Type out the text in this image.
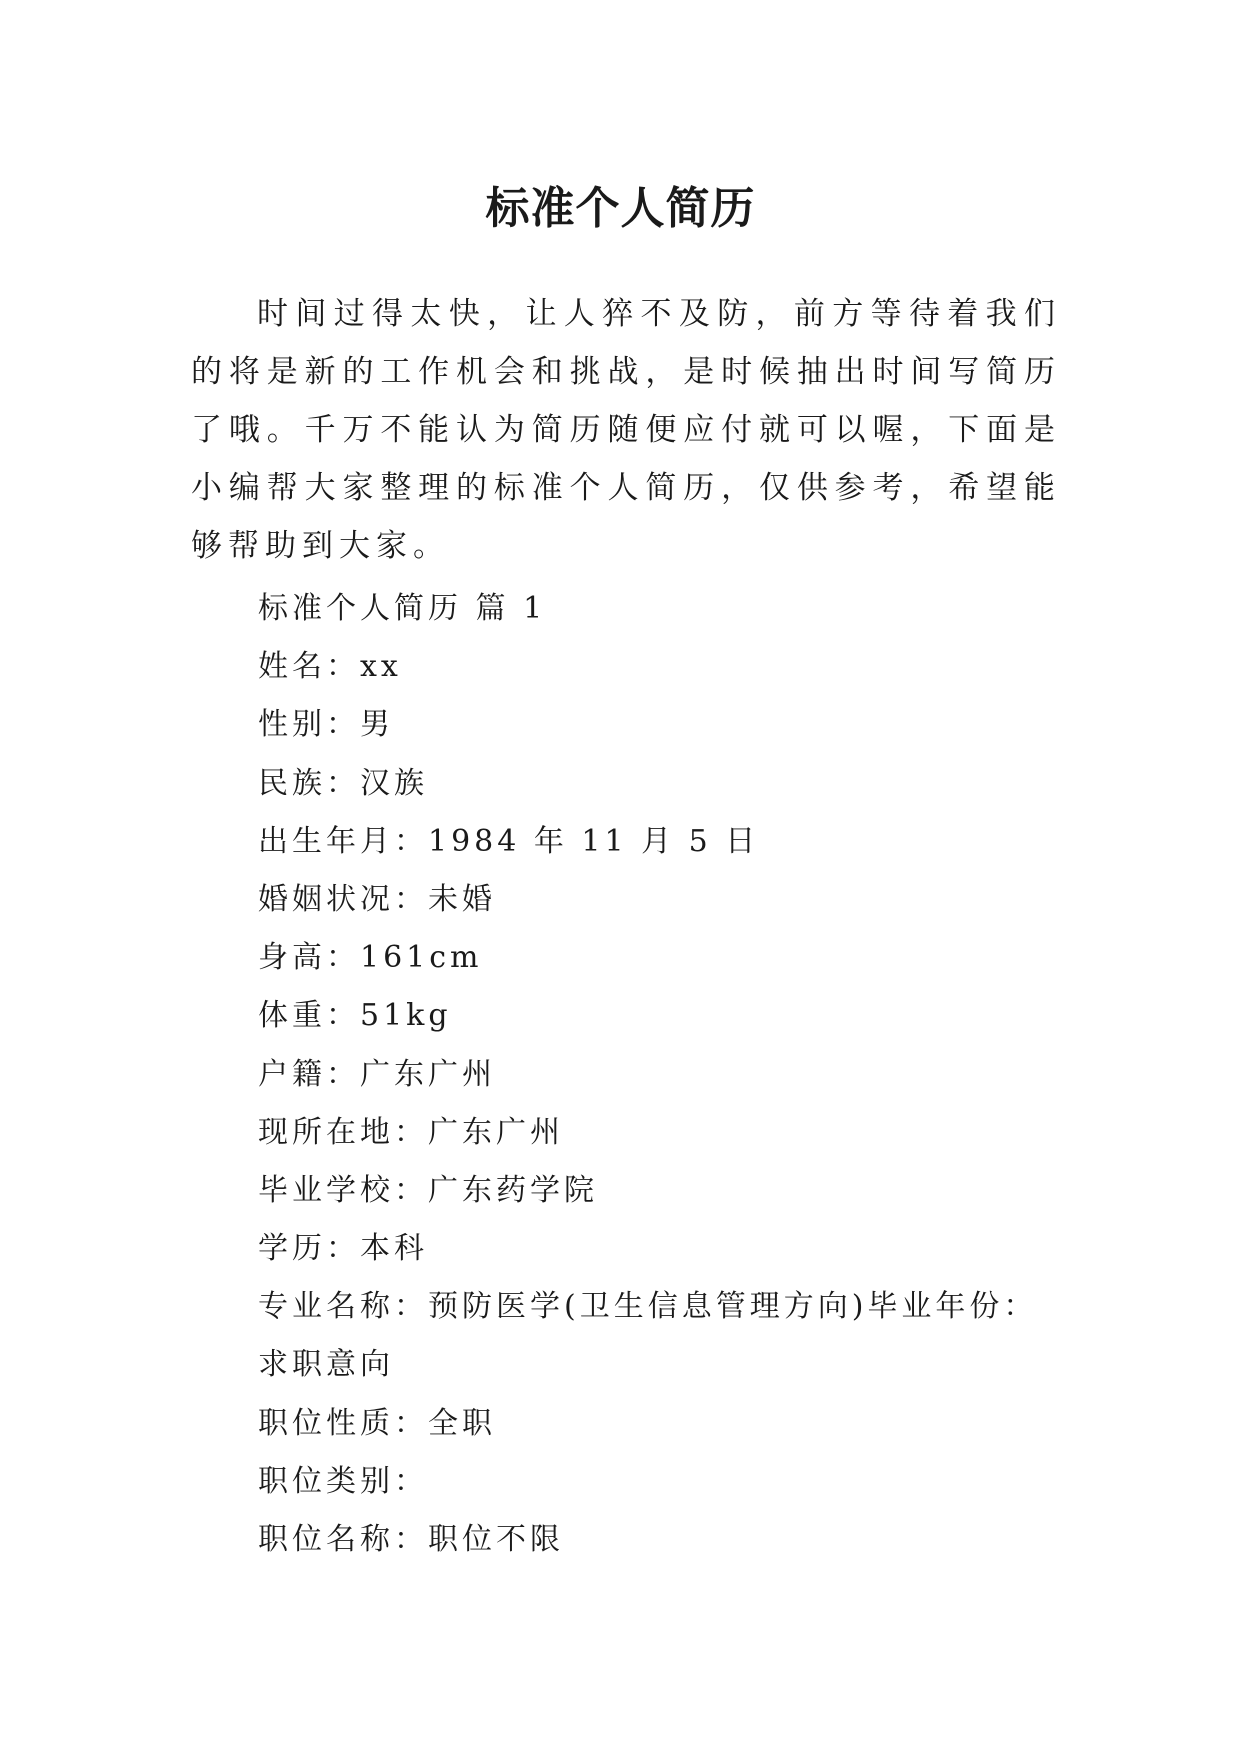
标准个人简历

时间过得太快，让人猝不及防，前方等待着我们的将是新的工作机会和挑战，是时候抽出时间写简历了哦。千万不能认为简历随便应付就可以喔，下面是小编帮大家整理的标准个人简历，仅供参考，希望能够帮助到大家。

标准个人简历 篇 1
姓名：xx
性别：男
民族：汉族
出生年月：1984 年 11 月 5 日
婚姻状况：未婚
身高：161cm
体重：51kg
户籍：广东广州
现所在地：广东广州
毕业学校：广东药学院
学历：本科
专业名称：预防医学(卫生信息管理方向)毕业年份：
求职意向
职位性质：全职
职位类别：
职位名称：职位不限
